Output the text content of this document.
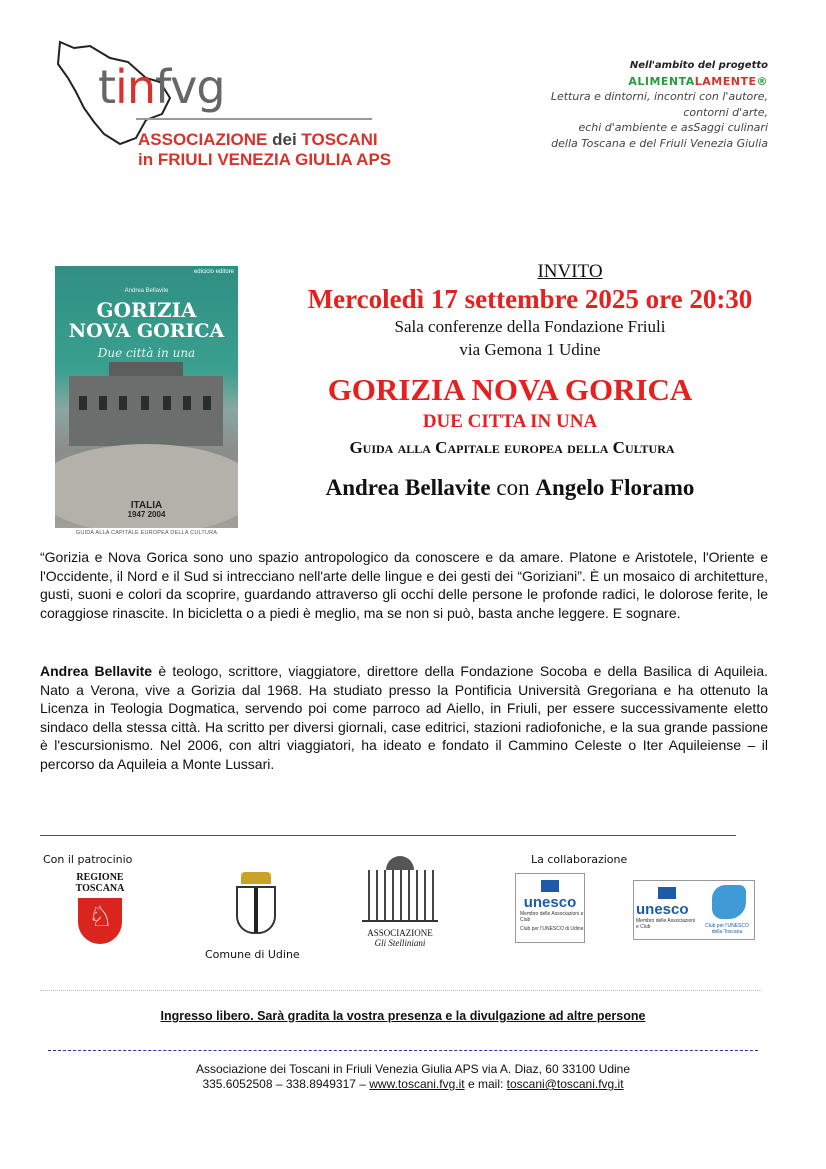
tinfvg
ASSOCIAZIONE dei TOSCANI
in FRIULI VENEZIA GIULIA APS
Nell'ambito del progetto
ALIMENTALAMENTE®
Lettura e dintorni, incontri con l'autore,
contorni d'arte,
echi d'ambiente e asSaggi culinari
della Toscana e del Friuli Venezia Giulia
ediciclo editore
Andrea Bellavite
GORIZIA
NOVA GORICA
Due città in una
ITALIA
1947 2004
GUIDA ALLA CAPITALE EUROPEA DELLA CULTURA
INVITO
Mercoledì 17 settembre 2025 ore 20:30
Sala conferenze della Fondazione Friuli
via Gemona 1 Udine
GORIZIA NOVA GORICA
DUE CITTA IN UNA
Guida alla Capitale europea della Cultura
Andrea Bellavite con Angelo Floramo
“Gorizia e Nova Gorica sono uno spazio antropologico da conoscere e da amare. Platone e Aristotele, l'Oriente e l'Occidente, il Nord e il Sud si intrecciano nell'arte delle lingue e dei gesti dei “Goriziani”. È un mosaico di architetture, gusti, suoni e colori da scoprire, guardando attraverso gli occhi delle persone le profonde radici, le dolorose ferite, le coraggiose rinascite. In bicicletta o a piedi è meglio, ma se non si può, basta anche leggere. E sognare.
Andrea Bellavite è teologo, scrittore, viaggiatore, direttore della Fondazione Socoba e della Basilica di Aquileia. Nato a Verona, vive a Gorizia dal 1968. Ha studiato presso la Pontificia Università Gregoriana e ha ottenuto la Licenza in Teologia Dogmatica, servendo poi come parroco ad Aiello, in Friuli, per essere successivamente eletto sindaco della stessa città. Ha scritto per diversi giornali, case editrici, stazioni radiofoniche, e la sua grande passione è l'escursionismo. Nel 2006, con altri viaggiatori, ha ideato e fondato il Cammino Celeste o Iter Aquileiense – il percorso da Aquileia a Monte Lussari.
Con il patrocinio	La collaborazione
REGIONE
TOSCANA
♘
Comune di Udine
ASSOCIAZIONE
Gli Stelliniani
unesco
Membro delle Associazioni e Club
Club per l'UNESCO di Udine
unesco
Membro delle Associazioni e Club	Club per l'UNESCO della Toscana
Ingresso libero. Sarà gradita la vostra presenza e la divulgazione ad altre persone
Associazione dei Toscani in Friuli Venezia Giulia APS via A. Diaz, 60 33100 Udine
335.6052508 – 338.8949317 – www.toscani.fvg.it e mail: toscani@toscani.fvg.it
